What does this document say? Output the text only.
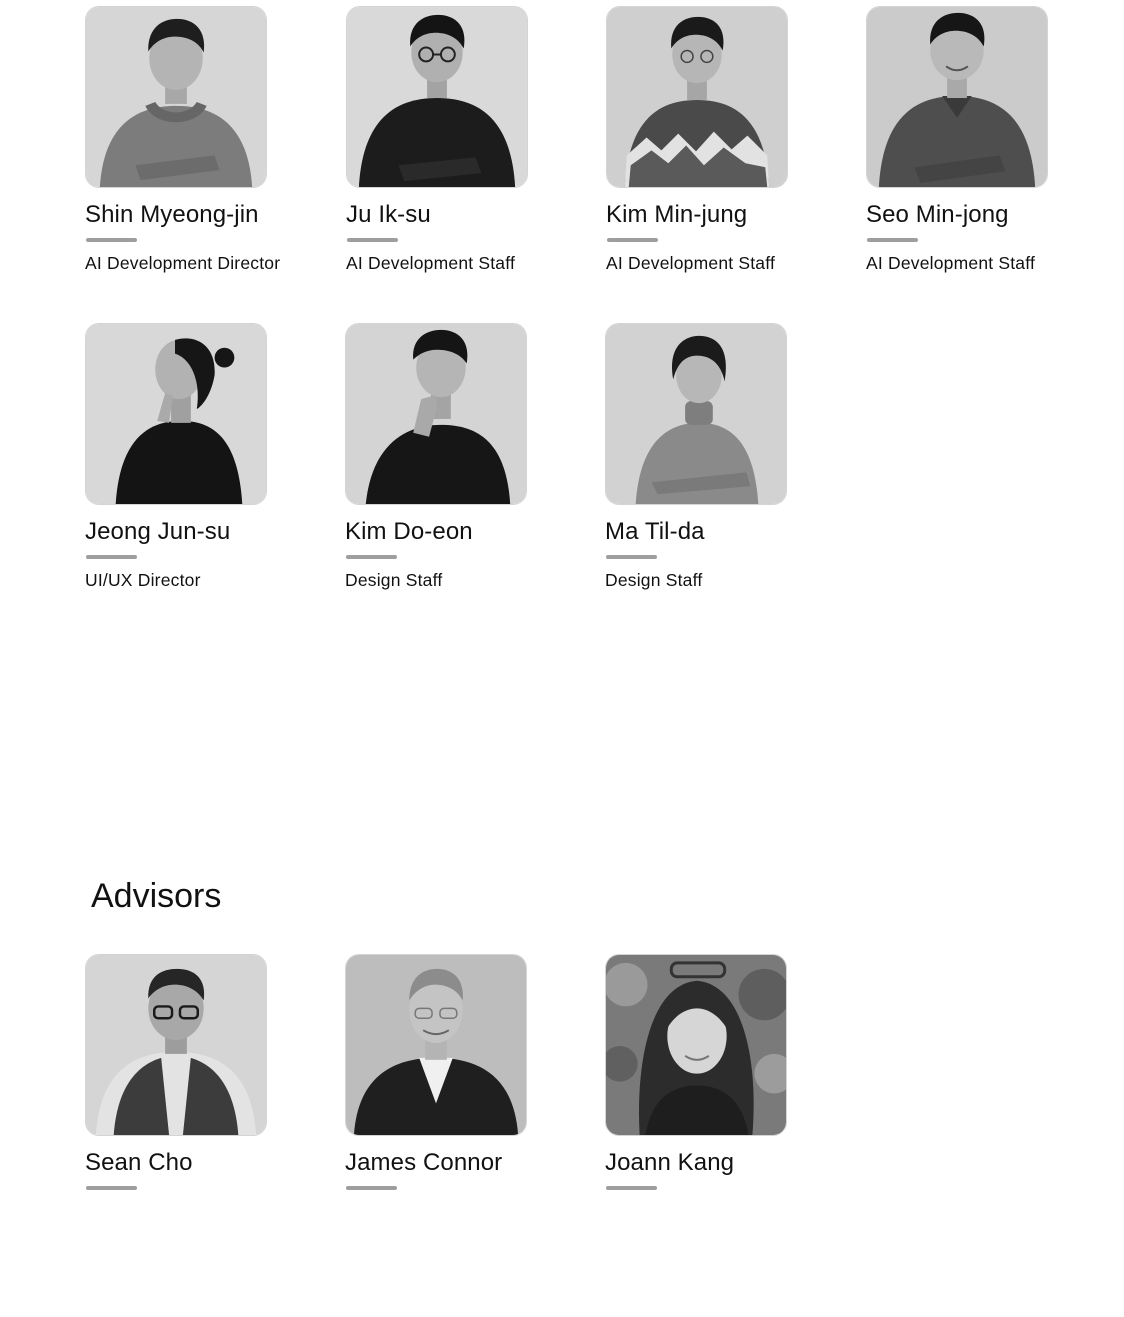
Shin Myeong-jin
AI Development Director
Ju Ik-su
AI Development Staff
Kim Min-jung
AI Development Staff
Seo Min-jong
AI Development Staff
Jeong Jun-su
UI/UX Director
Kim Do-eon
Design Staff
Ma Til-da
Design Staff
Advisors
Sean Cho	James Connor	Joann Kang
